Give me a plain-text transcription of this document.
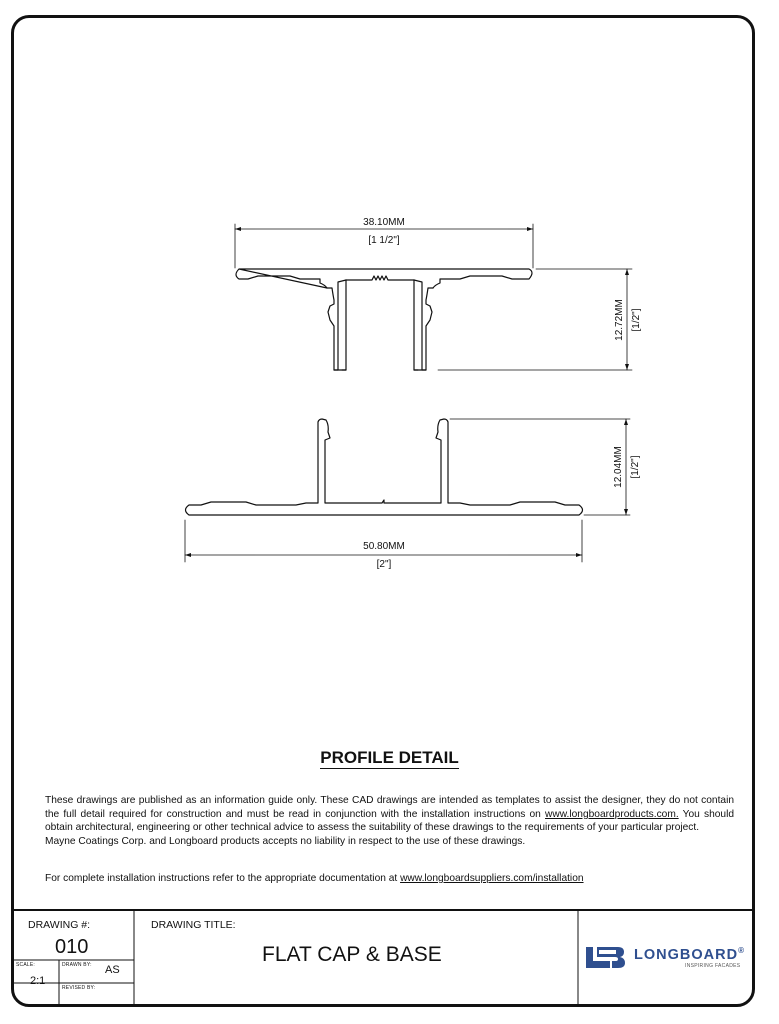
38.10MM
[1 1/2"]
12.72MM [1/2"]
12.04MM [1/2"]
50.80MM
[2"]
PROFILE DETAIL

These drawings are published as an information guide only. These CAD drawings are intended as templates to assist the designer, they do not contain the full detail required for construction and must be read in conjunction with the installation instructions on www.longboardproducts.com. You should obtain architectural, engineering or other technical advice to assess the suitability of these drawings to the requirements of your particular project.

Mayne Coatings Corp. and Longboard products accepts no liability in respect to the use of these drawings.

For complete installation instructions refer to the appropriate documentation at www.longboardsuppliers.com/installation
DRAWING #:
010
SCALE:
2:1
DRAWN BY: AS
REVISED BY:
DRAWING TITLE:
FLAT CAP & BASE	LONGBOARD®
INSPIRING FACADES
